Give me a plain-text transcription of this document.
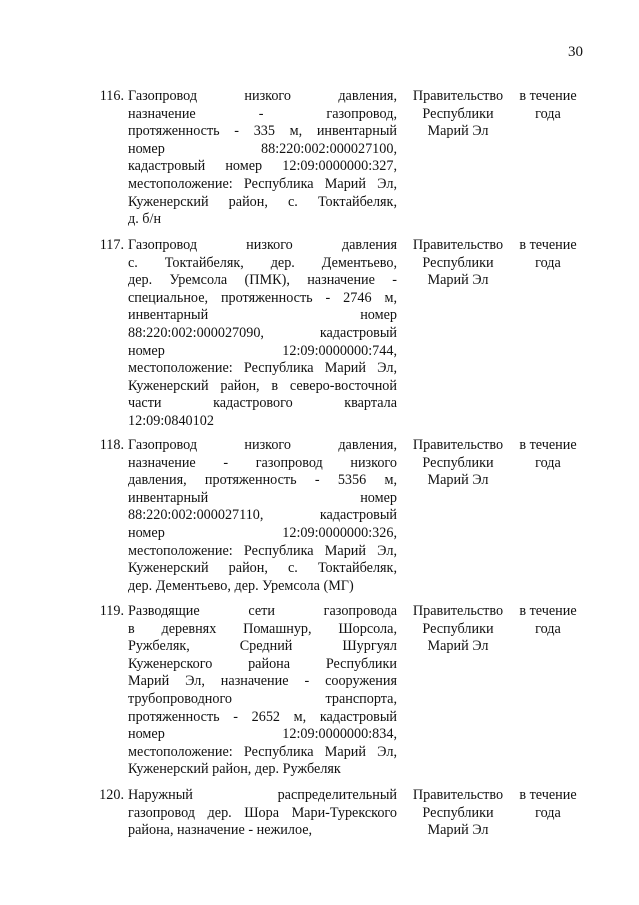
30
116. Газопровод низкого давления,
назначение - газопровод,
протяженность - 335 м, инвентарный
номер 88:220:002:000027100,
кадастровый номер 12:09:0000000:327,
местоположение: Республика Марий Эл,
Куженерский район, с. Токтайбеляк,
д. б/н
Правительство
Республики
Марий Эл
в течение
года
117. Газопровод низкого давления
с. Токтайбеляк, дер. Дементьево,
дер. Уремсола (ПМК), назначение -
специальное, протяженность - 2746 м,
инвентарный номер
88:220:002:000027090, кадастровый
номер 12:09:0000000:744,
местоположение: Республика Марий Эл,
Куженерский район, в северо-восточной
части кадастрового квартала
12:09:0840102
Правительство
Республики
Марий Эл
в течение
года
118. Газопровод низкого давления,
назначение - газопровод низкого
давления, протяженность - 5356 м,
инвентарный номер
88:220:002:000027110, кадастровый
номер 12:09:0000000:326,
местоположение: Республика Марий Эл,
Куженерский район, с. Токтайбеляк,
дер. Дементьево, дер. Уремсола (МГ)
Правительство
Республики
Марий Эл
в течение
года
119. Разводящие сети газопровода
в деревнях Помашнур, Шорсола,
Ружбеляк, Средний Шургуял
Куженерского района Республики
Марий Эл, назначение - сооружения
трубопроводного транспорта,
протяженность - 2652 м, кадастровый
номер 12:09:0000000:834,
местоположение: Республика Марий Эл,
Куженерский район, дер. Ружбеляк
Правительство
Республики
Марий Эл
в течение
года
120. Наружный распределительный
газопровод дер. Шора Мари-Турекского
района, назначение - нежилое,
Правительство
Республики
Марий Эл
в течение
года
